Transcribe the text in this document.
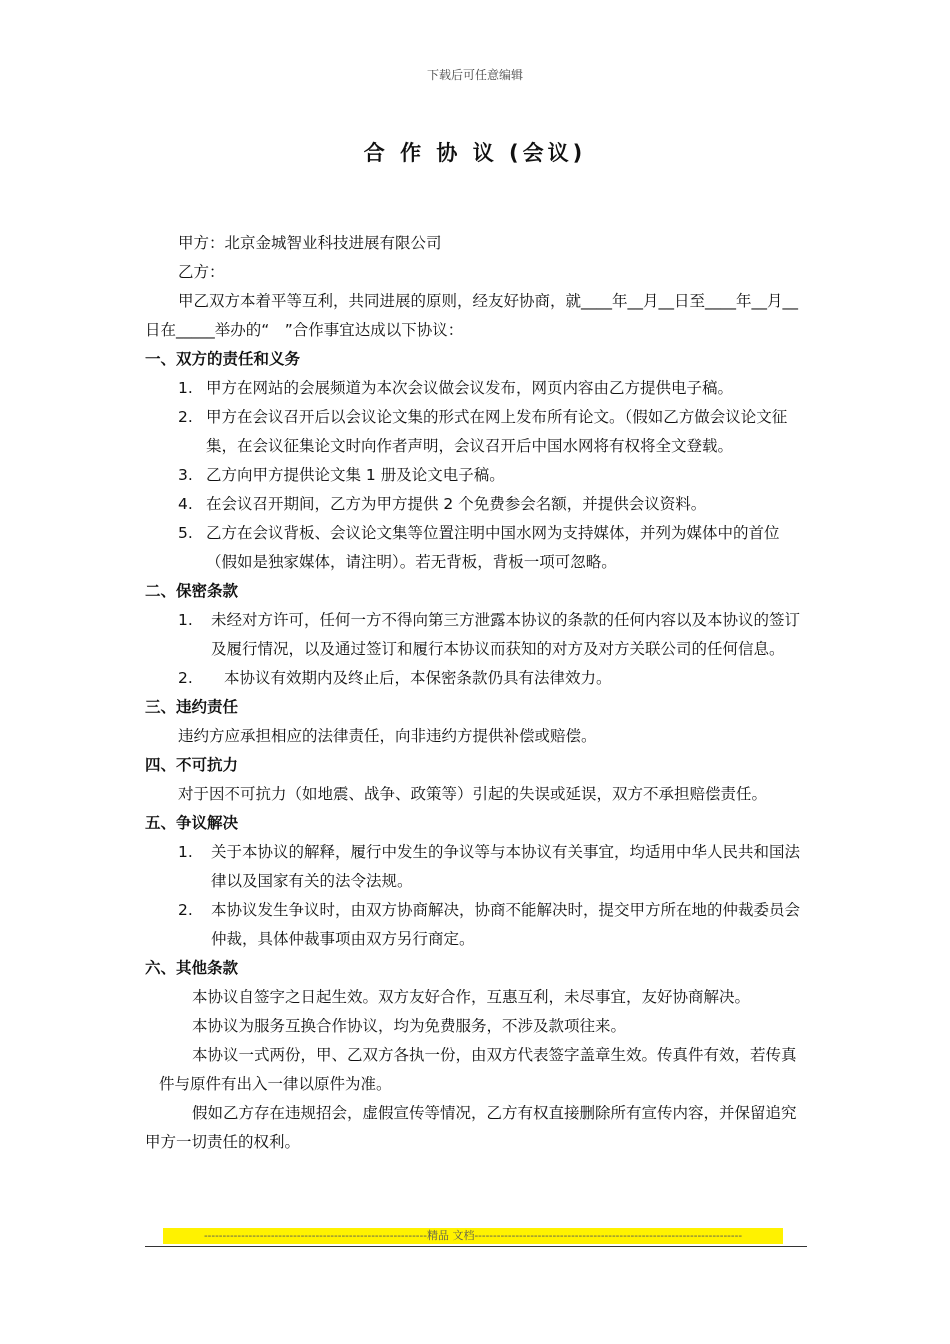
下载后可任意编辑
合 作 协 议 (会议)

甲方：北京金城智业科技进展有限公司

乙方：

甲乙双方本着平等互利，共同进展的原则，经友好协商，就____年__月__日至____年__月__日在_____举办的“　”合作事宜达成以下协议：

一、双方的责任和义务

1. 甲方在网站的会展频道为本次会议做会议发布，网页内容由乙方提供电子稿。

2. 甲方在会议召开后以会议论文集的形式在网上发布所有论文。（假如乙方做会议论文征集，在会议征集论文时向作者声明，会议召开后中国水网将有权将全文登载。

3. 乙方向甲方提供论文集 1 册及论文电子稿。

4. 在会议召开期间，乙方为甲方提供 2 个免费参会名额，并提供会议资料。

5. 乙方在会议背板、会议论文集等位置注明中国水网为支持媒体，并列为媒体中的首位（假如是独家媒体，请注明）。若无背板，背板一项可忽略。

二、保密条款

1. 未经对方许可，任何一方不得向第三方泄露本协议的条款的任何内容以及本协议的签订及履行情况，以及通过签订和履行本协议而获知的对方及对方关联公司的任何信息。

2. 本协议有效期内及终止后，本保密条款仍具有法律效力。

三、违约责任

违约方应承担相应的法律责任，向非违约方提供补偿或赔偿。

四、不可抗力

对于因不可抗力（如地震、战争、政策等）引起的失误或延误，双方不承担赔偿责任。

五、争议解决

1. 关于本协议的解释，履行中发生的争议等与本协议有关事宜，均适用中华人民共和国法律以及国家有关的法令法规。

2. 本协议发生争议时，由双方协商解决，协商不能解决时，提交甲方所在地的仲裁委员会仲裁，具体仲裁事项由双方另行商定。

六、其他条款

本协议自签字之日起生效。双方友好合作，互惠互利，未尽事宜，友好协商解决。

本协议为服务互换合作协议，均为免费服务，不涉及款项往来。

本协议一式两份，甲、乙双方各执一份，由双方代表签字盖章生效。传真件有效，若传真件与原件有出入一律以原件为准。

假如乙方存在违规招会，虚假宣传等情况，乙方有权直接删除所有宣传内容，并保留追究甲方一切责任的权利。

------------------------------------------------------------精品 文档------------------------------------------------------------------------
